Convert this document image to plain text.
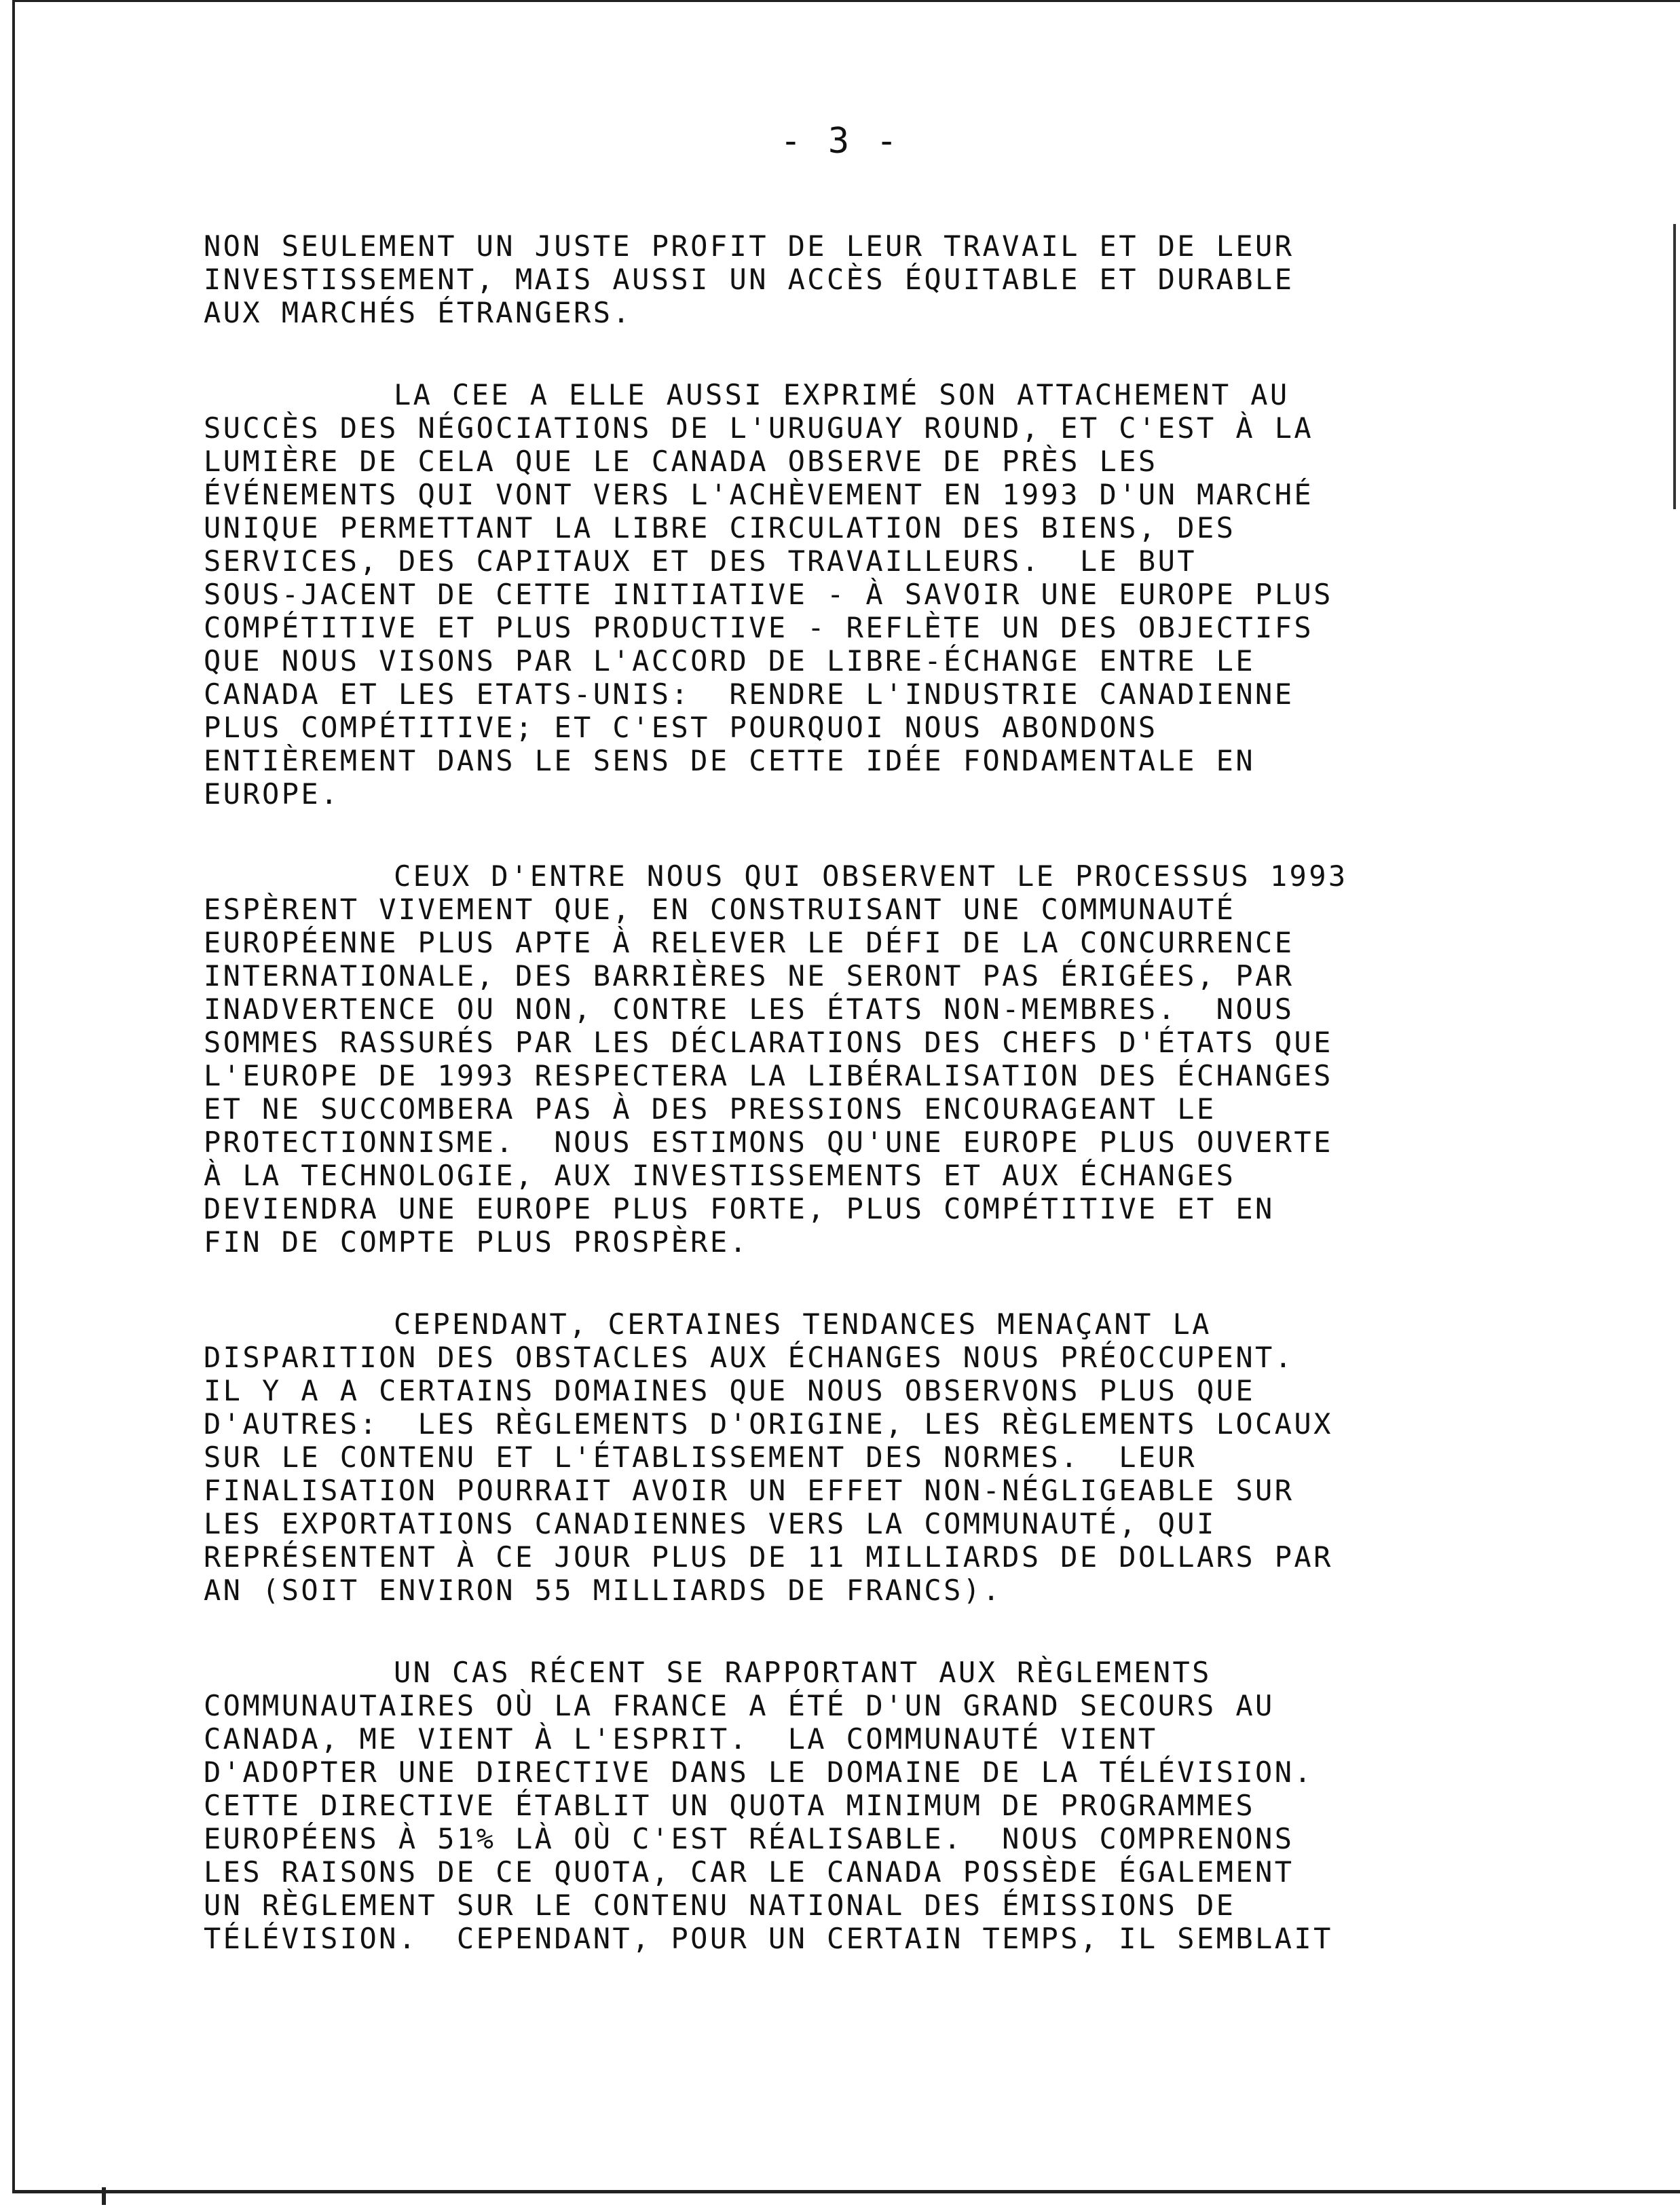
- 3 -
NON SEULEMENT UN JUSTE PROFIT DE LEUR TRAVAIL ET DE LEUR
INVESTISSEMENT, MAIS AUSSI UN ACCÈS ÉQUITABLE ET DURABLE
AUX MARCHÉS ÉTRANGERS.
LA CEE A ELLE AUSSI EXPRIMÉ SON ATTACHEMENT AU
SUCCÈS DES NÉGOCIATIONS DE L'URUGUAY ROUND, ET C'EST À LA
LUMIÈRE DE CELA QUE LE CANADA OBSERVE DE PRÈS LES
ÉVÉNEMENTS QUI VONT VERS L'ACHÈVEMENT EN 1993 D'UN MARCHÉ
UNIQUE PERMETTANT LA LIBRE CIRCULATION DES BIENS, DES
SERVICES, DES CAPITAUX ET DES TRAVAILLEURS.  LE BUT
SOUS-JACENT DE CETTE INITIATIVE - À SAVOIR UNE EUROPE PLUS
COMPÉTITIVE ET PLUS PRODUCTIVE - REFLÈTE UN DES OBJECTIFS
QUE NOUS VISONS PAR L'ACCORD DE LIBRE-ÉCHANGE ENTRE LE
CANADA ET LES ETATS-UNIS:  RENDRE L'INDUSTRIE CANADIENNE
PLUS COMPÉTITIVE; ET C'EST POURQUOI NOUS ABONDONS
ENTIÈREMENT DANS LE SENS DE CETTE IDÉE FONDAMENTALE EN
EUROPE.
CEUX D'ENTRE NOUS QUI OBSERVENT LE PROCESSUS 1993
ESPÈRENT VIVEMENT QUE, EN CONSTRUISANT UNE COMMUNAUTÉ
EUROPÉENNE PLUS APTE À RELEVER LE DÉFI DE LA CONCURRENCE
INTERNATIONALE, DES BARRIÈRES NE SERONT PAS ÉRIGÉES, PAR
INADVERTENCE OU NON, CONTRE LES ÉTATS NON-MEMBRES.  NOUS
SOMMES RASSURÉS PAR LES DÉCLARATIONS DES CHEFS D'ÉTATS QUE
L'EUROPE DE 1993 RESPECTERA LA LIBÉRALISATION DES ÉCHANGES
ET NE SUCCOMBERA PAS À DES PRESSIONS ENCOURAGEANT LE
PROTECTIONNISME.  NOUS ESTIMONS QU'UNE EUROPE PLUS OUVERTE
À LA TECHNOLOGIE, AUX INVESTISSEMENTS ET AUX ÉCHANGES
DEVIENDRA UNE EUROPE PLUS FORTE, PLUS COMPÉTITIVE ET EN
FIN DE COMPTE PLUS PROSPÈRE.
CEPENDANT, CERTAINES TENDANCES MENAÇANT LA
DISPARITION DES OBSTACLES AUX ÉCHANGES NOUS PRÉOCCUPENT.
IL Y A A CERTAINS DOMAINES QUE NOUS OBSERVONS PLUS QUE
D'AUTRES:  LES RÈGLEMENTS D'ORIGINE, LES RÈGLEMENTS LOCAUX
SUR LE CONTENU ET L'ÉTABLISSEMENT DES NORMES.  LEUR
FINALISATION POURRAIT AVOIR UN EFFET NON-NÉGLIGEABLE SUR
LES EXPORTATIONS CANADIENNES VERS LA COMMUNAUTÉ, QUI
REPRÉSENTENT À CE JOUR PLUS DE 11 MILLIARDS DE DOLLARS PAR
AN (SOIT ENVIRON 55 MILLIARDS DE FRANCS).
UN CAS RÉCENT SE RAPPORTANT AUX RÈGLEMENTS
COMMUNAUTAIRES OÙ LA FRANCE A ÉTÉ D'UN GRAND SECOURS AU
CANADA, ME VIENT À L'ESPRIT.  LA COMMUNAUTÉ VIENT
D'ADOPTER UNE DIRECTIVE DANS LE DOMAINE DE LA TÉLÉVISION.
CETTE DIRECTIVE ÉTABLIT UN QUOTA MINIMUM DE PROGRAMMES
EUROPÉENS À 51% LÀ OÙ C'EST RÉALISABLE.  NOUS COMPRENONS
LES RAISONS DE CE QUOTA, CAR LE CANADA POSSÈDE ÉGALEMENT
UN RÈGLEMENT SUR LE CONTENU NATIONAL DES ÉMISSIONS DE
TÉLÉVISION.  CEPENDANT, POUR UN CERTAIN TEMPS, IL SEMBLAIT
